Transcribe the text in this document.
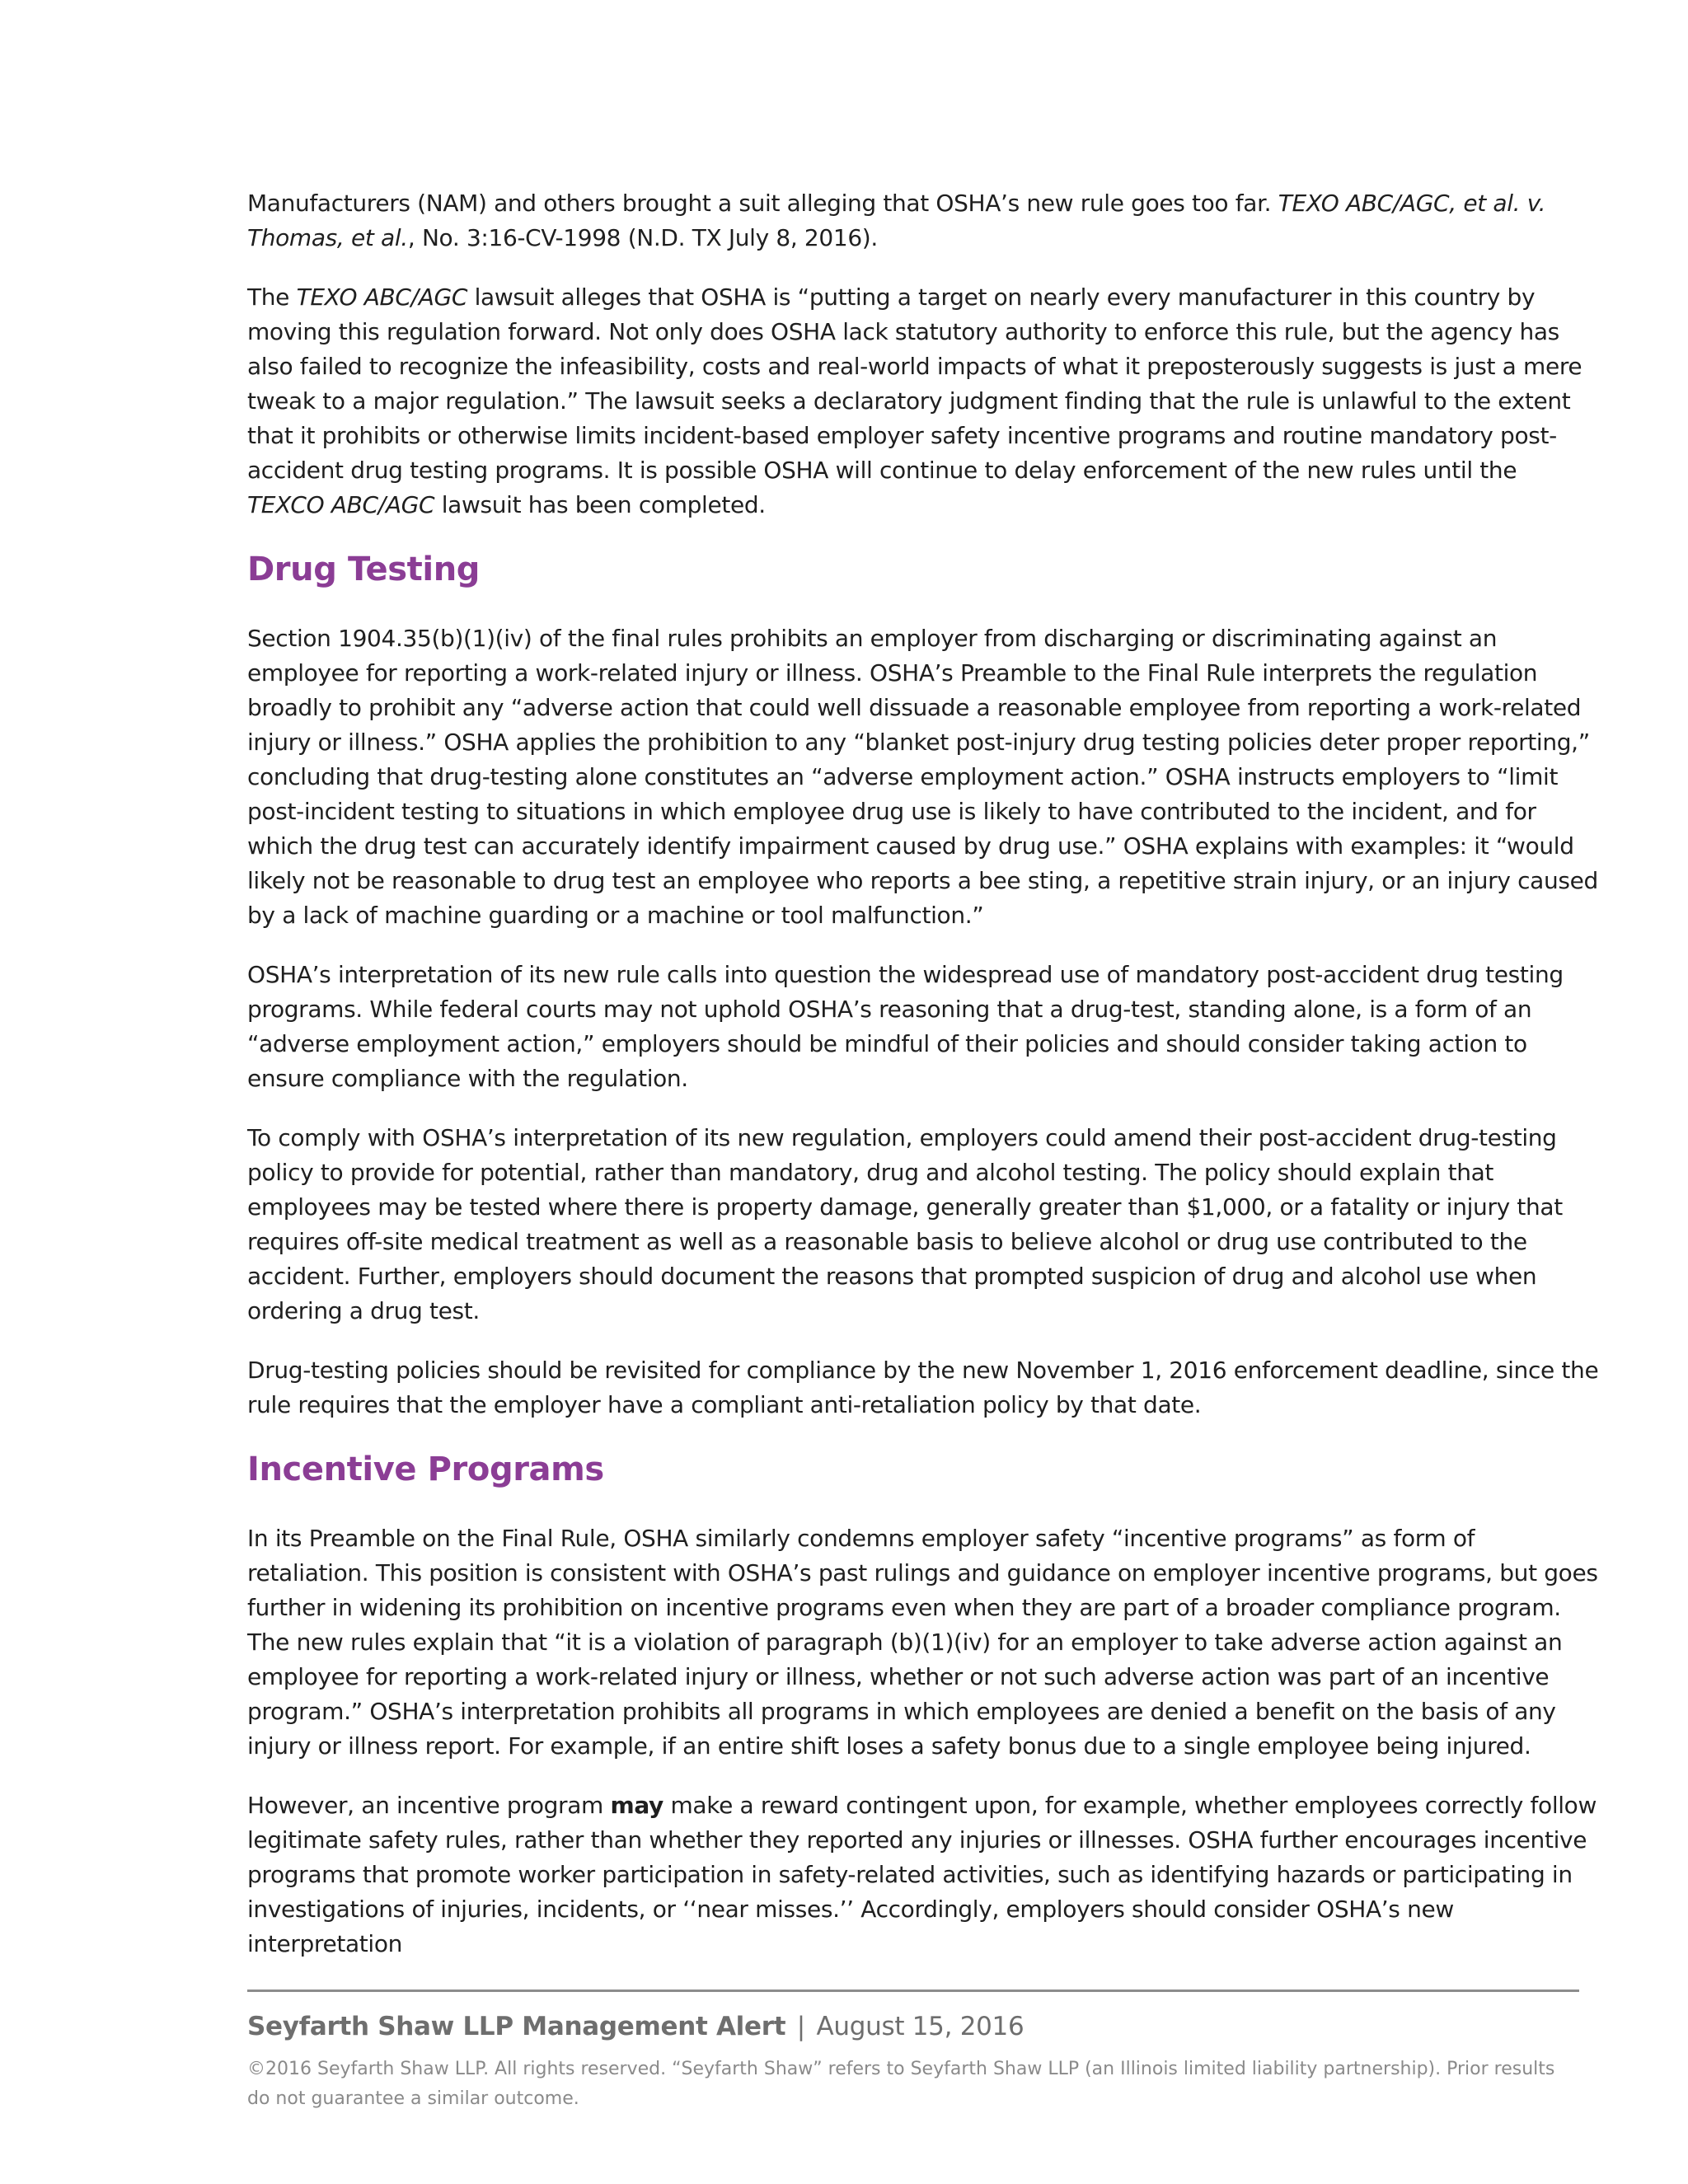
Manufacturers (NAM) and others brought a suit alleging that OSHA’s new rule goes too far. TEXO ABC/AGC, et al. v. Thomas, et al., No. 3:16-CV-1998 (N.D. TX July 8, 2016).

The TEXO ABC/AGC lawsuit alleges that OSHA is “putting a target on nearly every manufacturer in this country by moving this regulation forward. Not only does OSHA lack statutory authority to enforce this rule, but the agency has also failed to recognize the infeasibility, costs and real-world impacts of what it preposterously suggests is just a mere tweak to a major regulation.” The lawsuit seeks a declaratory judgment finding that the rule is unlawful to the extent that it prohibits or otherwise limits incident-based employer safety incentive programs and routine mandatory post-accident drug testing programs. It is possible OSHA will continue to delay enforcement of the new rules until the TEXCO ABC/AGC lawsuit has been completed.

Drug Testing

Section 1904.35(b)(1)(iv) of the final rules prohibits an employer from discharging or discriminating against an employee for reporting a work-related injury or illness. OSHA’s Preamble to the Final Rule interprets the regulation broadly to prohibit any “adverse action that could well dissuade a reasonable employee from reporting a work-related injury or illness.” OSHA applies the prohibition to any “blanket post-injury drug testing policies deter proper reporting,” concluding that drug-testing alone constitutes an “adverse employment action.” OSHA instructs employers to “limit post-incident testing to situations in which employee drug use is likely to have contributed to the incident, and for which the drug test can accurately identify impairment caused by drug use.” OSHA explains with examples: it “would likely not be reasonable to drug test an employee who reports a bee sting, a repetitive strain injury, or an injury caused by a lack of machine guarding or a machine or tool malfunction.”

OSHA’s interpretation of its new rule calls into question the widespread use of mandatory post-accident drug testing programs. While federal courts may not uphold OSHA’s reasoning that a drug-test, standing alone, is a form of an “adverse employment action,” employers should be mindful of their policies and should consider taking action to ensure compliance with the regulation.

To comply with OSHA’s interpretation of its new regulation, employers could amend their post-accident drug-testing policy to provide for potential, rather than mandatory, drug and alcohol testing. The policy should explain that employees may be tested where there is property damage, generally greater than $1,000, or a fatality or injury that requires off-site medical treatment as well as a reasonable basis to believe alcohol or drug use contributed to the accident. Further, employers should document the reasons that prompted suspicion of drug and alcohol use when ordering a drug test.

Drug-testing policies should be revisited for compliance by the new November 1, 2016 enforcement deadline, since the rule requires that the employer have a compliant anti-retaliation policy by that date.

Incentive Programs

In its Preamble on the Final Rule, OSHA similarly condemns employer safety “incentive programs” as form of retaliation. This position is consistent with OSHA’s past rulings and guidance on employer incentive programs, but goes further in widening its prohibition on incentive programs even when they are part of a broader compliance program. The new rules explain that “it is a violation of paragraph (b)(1)(iv) for an employer to take adverse action against an employee for reporting a work-related injury or illness, whether or not such adverse action was part of an incentive program.” OSHA’s interpretation prohibits all programs in which employees are denied a benefit on the basis of any injury or illness report. For example, if an entire shift loses a safety bonus due to a single employee being injured.

However, an incentive program may make a reward contingent upon, for example, whether employees correctly follow legitimate safety rules, rather than whether they reported any injuries or illnesses. OSHA further encourages incentive programs that promote worker participation in safety-related activities, such as identifying hazards or participating in investigations of injuries, incidents, or ‘‘near misses.’’ Accordingly, employers should consider OSHA’s new interpretation

Seyfarth Shaw LLP Management Alert | August 15, 2016
©2016 Seyfarth Shaw LLP. All rights reserved. “Seyfarth Shaw” refers to Seyfarth Shaw LLP (an Illinois limited liability partnership). Prior results do not guarantee a similar outcome.
